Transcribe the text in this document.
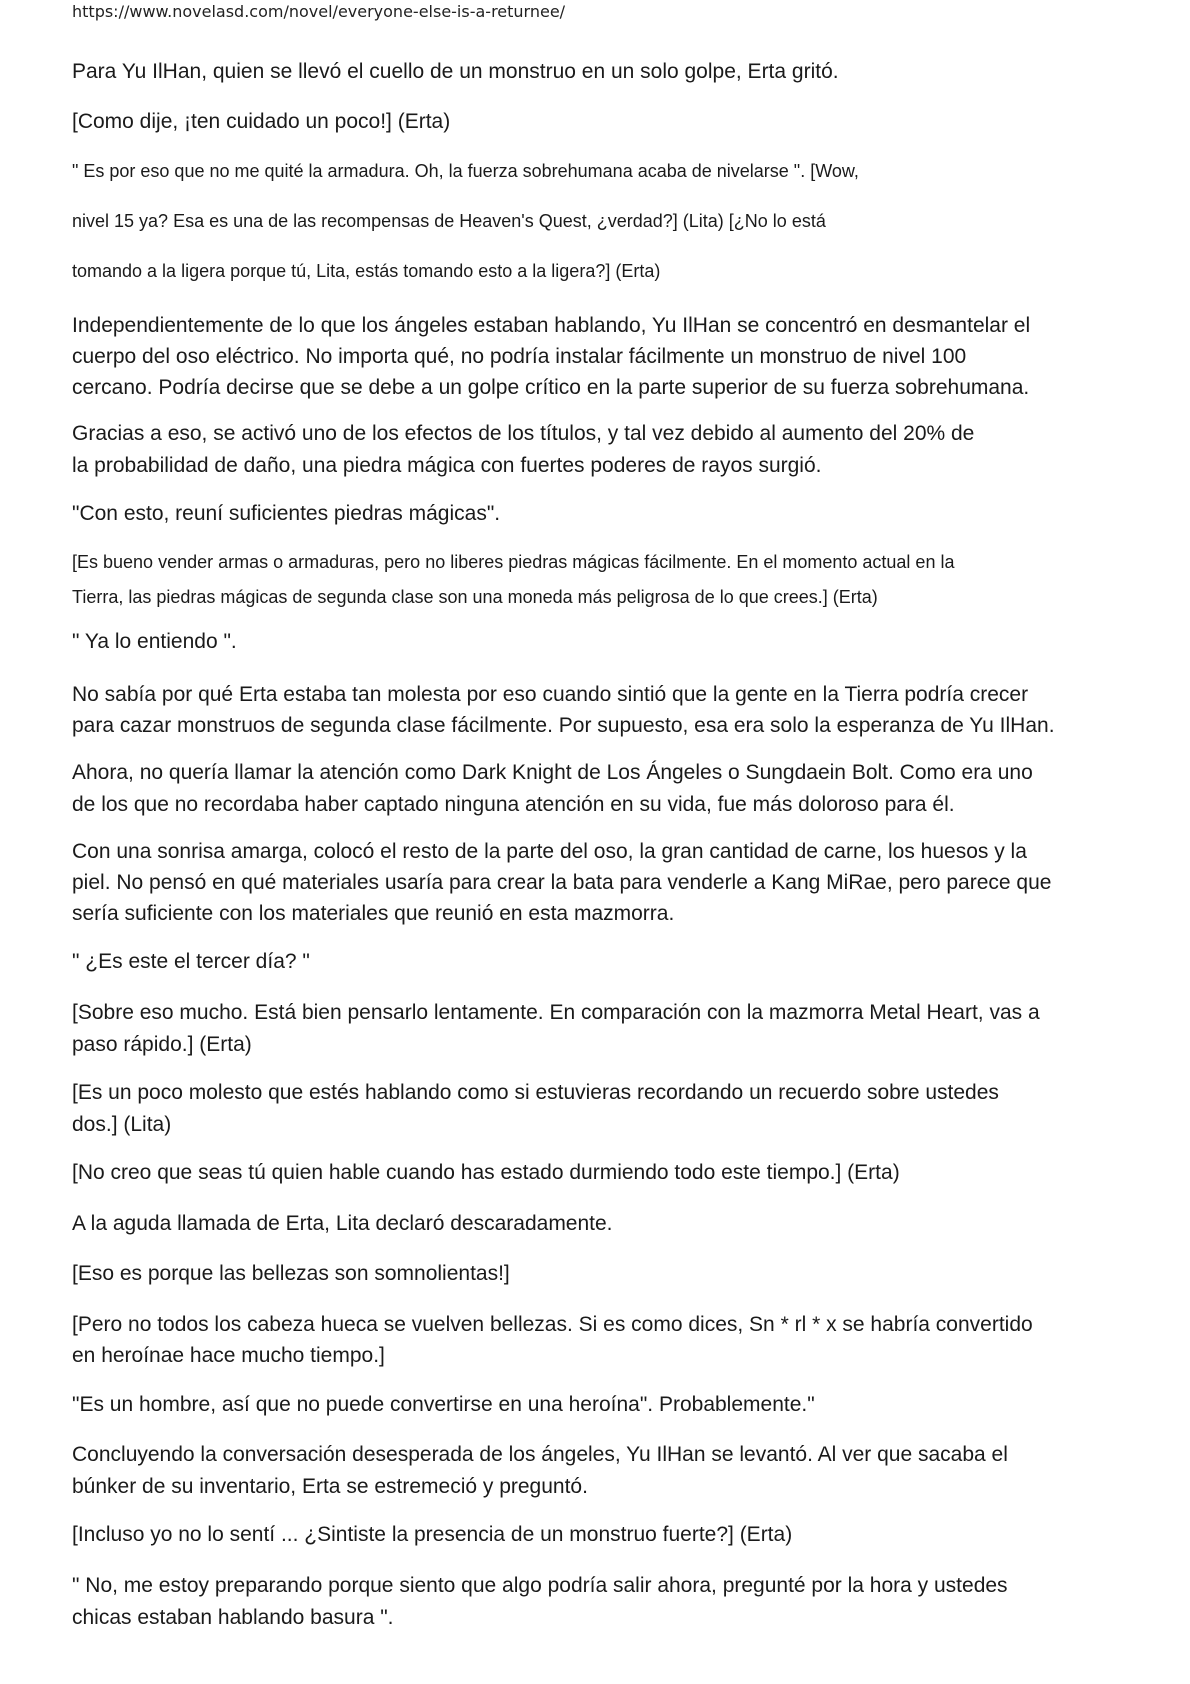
https://www.novelasd.com/novel/everyone-else-is-a-returnee/

Para Yu IlHan, quien se llevó el cuello de un monstruo en un solo golpe, Erta gritó.

[Como dije, ¡ten cuidado un poco!] (Erta)

" Es por eso que no me quité la armadura. Oh, la fuerza sobrehumana acaba de nivelarse ". [Wow,

nivel 15 ya? Esa es una de las recompensas de Heaven's Quest, ¿verdad?] (Lita) [¿No lo está

tomando a la ligera porque tú, Lita, estás tomando esto a la ligera?] (Erta)

Independientemente de lo que los ángeles estaban hablando, Yu IlHan se concentró en desmantelar el

cuerpo del oso eléctrico. No importa qué, no podría instalar fácilmente un monstruo de nivel 100

cercano. Podría decirse que se debe a un golpe crítico en la parte superior de su fuerza sobrehumana.

Gracias a eso, se activó uno de los efectos de los títulos, y tal vez debido al aumento del 20% de

la probabilidad de daño, una piedra mágica con fuertes poderes de rayos surgió.

"Con esto, reuní suficientes piedras mágicas".

[Es bueno vender armas o armaduras, pero no liberes piedras mágicas fácilmente. En el momento actual en la

Tierra, las piedras mágicas de segunda clase son una moneda más peligrosa de lo que crees.] (Erta)

" Ya lo entiendo ".

No sabía por qué Erta estaba tan molesta por eso cuando sintió que la gente en la Tierra podría crecer

para cazar monstruos de segunda clase fácilmente. Por supuesto, esa era solo la esperanza de Yu IlHan.

Ahora, no quería llamar la atención como Dark Knight de Los Ángeles o Sungdaein Bolt. Como era uno

de los que no recordaba haber captado ninguna atención en su vida, fue más doloroso para él.

Con una sonrisa amarga, colocó el resto de la parte del oso, la gran cantidad de carne, los huesos y la

piel. No pensó en qué materiales usaría para crear la bata para venderle a Kang MiRae, pero parece que

sería suficiente con los materiales que reunió en esta mazmorra.

" ¿Es este el tercer día? "

[Sobre eso mucho. Está bien pensarlo lentamente. En comparación con la mazmorra Metal Heart, vas a

paso rápido.] (Erta)

[Es un poco molesto que estés hablando como si estuvieras recordando un recuerdo sobre ustedes

dos.] (Lita)

[No creo que seas tú quien hable cuando has estado durmiendo todo este tiempo.] (Erta)

A la aguda llamada de Erta, Lita declaró descaradamente.

[Eso es porque las bellezas son somnolientas!]

[Pero no todos los cabeza hueca se vuelven bellezas. Si es como dices, Sn * rl * x se habría convertido

en heroínae hace mucho tiempo.]

"Es un hombre, así que no puede convertirse en una heroína". Probablemente."

Concluyendo la conversación desesperada de los ángeles, Yu IlHan se levantó. Al ver que sacaba el

búnker de su inventario, Erta se estremeció y preguntó.

[Incluso yo no lo sentí ... ¿Sintiste la presencia de un monstruo fuerte?] (Erta)

" No, me estoy preparando porque siento que algo podría salir ahora, pregunté por la hora y ustedes

chicas estaban hablando basura ".
